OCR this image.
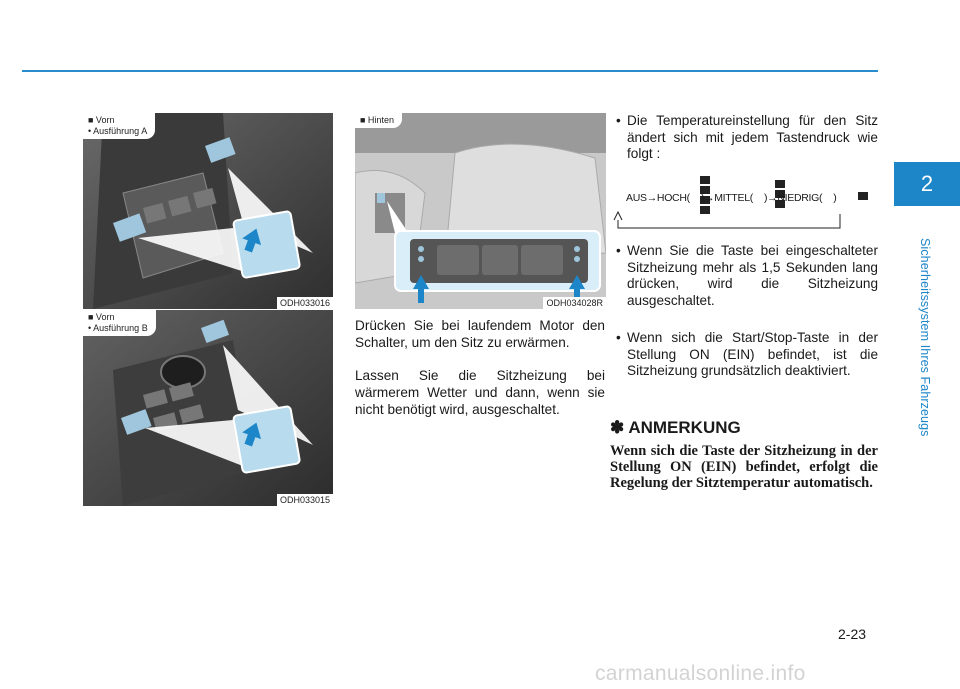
2
Sicherheitssystem Ihres Fahrzeugs
■ Vorn
• Ausführung A
ODH033016
■ Vorn
• Ausführung B
ODH033015
■ Hinten
ODH034028R
Drücken Sie bei laufendem Motor den Schalter, um den Sitz zu erwärmen.
Lassen Sie die Sitzheizung bei wärmerem Wetter und dann, wenn sie nicht benötigt wird, ausgeschaltet.
• Die Temperatureinstellung für den Sitz ändert sich mit jedem Tastendruck wie folgt :
AUS→HOCH( )→MITTEL( )→NIEDRIG( )
• Wenn Sie die Taste bei eingeschalteter Sitzheizung mehr als 1,5 Sekunden lang drücken, wird die Sitzheizung ausgeschaltet.
• Wenn sich die Start/Stop-Taste in der Stellung ON (EIN) befindet, ist die Sitzheizung grundsätzlich deaktiviert.
✽ ANMERKUNG
Wenn sich die Taste der Sitzheizung in der Stellung ON (EIN) befindet, erfolgt die Regelung der Sitztemperatur automatisch.
2-23
carmanualsonline.info
